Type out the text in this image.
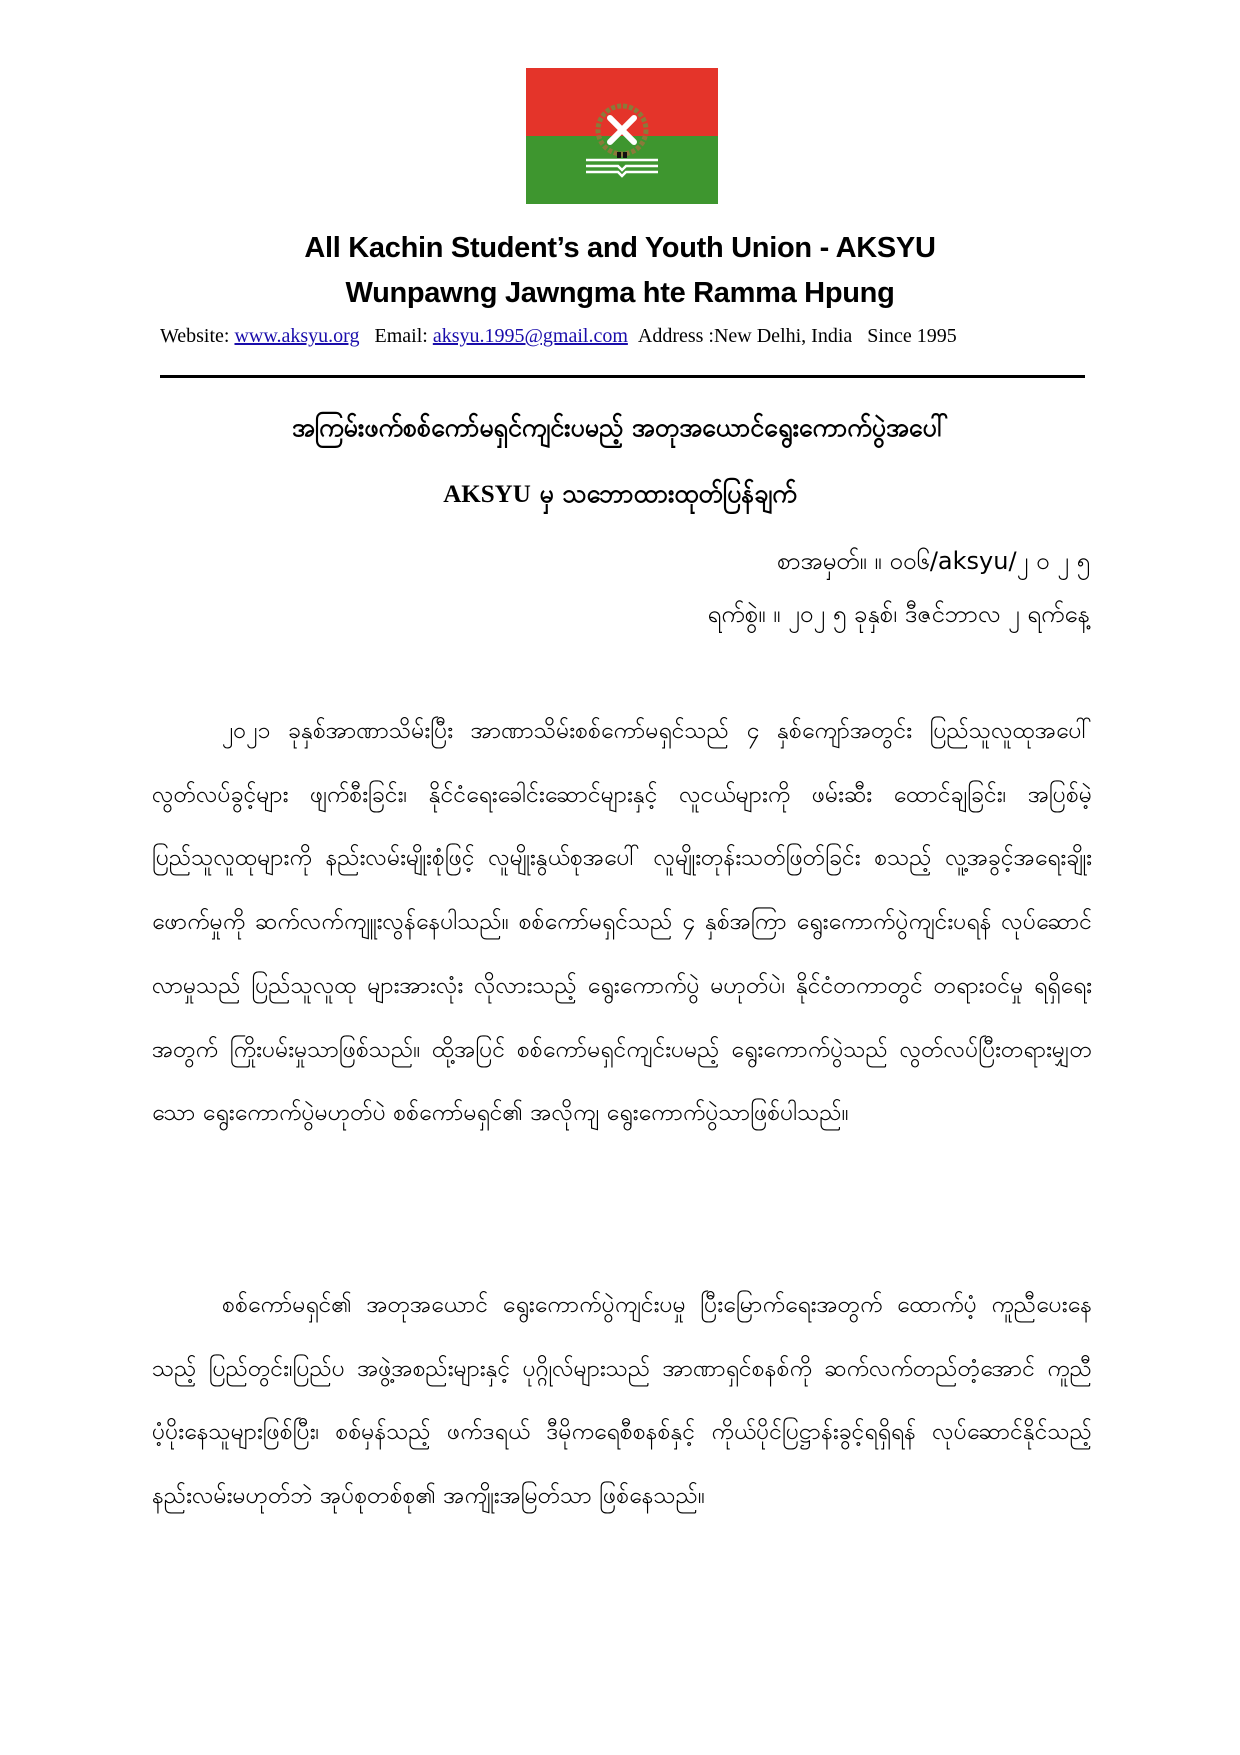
All Kachin Student’s and Youth Union - AKSYU
Wunpawng Jawngma hte Ramma Hpung
Website: www.aksyu.org Email: aksyu.1995@gmail.com Address :New Delhi, India Since 1995
အကြမ်းဖက်စစ်ကော်မရှင်ကျင်းပမည့် အတုအယောင်ရွေးကောက်ပွဲအပေါ်
AKSYU မှ သဘောထားထုတ်ပြန်ချက်
စာအမှတ်။ ။ ၀၀၆/aksyu/၂ ၀ ၂ ၅
ရက်စွဲ။ ။ ၂၀၂ ၅ ခုနှစ်၊ ဒီဇင်ဘာလ ၂ ရက်နေ့

၂၀၂၁ ခုနှစ်အာဏာသိမ်းပြီး အာဏာသိမ်းစစ်ကော်မရှင်သည် ၄ နှစ်ကျော်အတွင်း ပြည်သူလူထုအပေါ် လွတ်လပ်ခွင့်များ ဖျက်စီးခြင်း၊ နိုင်ငံရေးခေါင်းဆောင်များနှင့် လူငယ်များကို ဖမ်းဆီး ထောင်ချခြင်း၊ အပြစ်မဲ့ ပြည်သူလူထုများကို နည်းလမ်းမျိုးစုံဖြင့် လူမျိုးနွယ်စုအပေါ် လူမျိုးတုန်းသတ်ဖြတ်ခြင်း စသည့် လူ့အခွင့်အရေးချိုးဖောက်မှုကို ဆက်လက်ကျူးလွန်နေပါသည်။ စစ်ကော်မရှင်သည် ၄ နှစ်အကြာ ရွေးကောက်ပွဲကျင်းပရန် လုပ်ဆောင်လာမှုသည် ပြည်သူလူထု များအားလုံး လိုလားသည့် ရွေးကောက်ပွဲ မဟုတ်ပဲ၊ နိုင်ငံတကာတွင် တရားဝင်မှု ရရှိရေးအတွက် ကြိုးပမ်းမှုသာဖြစ်သည်။ ထို့အပြင် စစ်ကော်မရှင်ကျင်းပမည့် ရွေးကောက်ပွဲသည် လွတ်လပ်ပြီးတရားမျှတသော ရွေးကောက်ပွဲမဟုတ်ပဲ စစ်ကော်မရှင်၏ အလိုကျ ရွေးကောက်ပွဲသာဖြစ်ပါသည်။

စစ်ကော်မရှင်၏ အတုအယောင် ရွေးကောက်ပွဲကျင်းပမှု ပြီးမြောက်ရေးအတွက် ထောက်ပံ့ ကူညီပေးနေသည့် ပြည်တွင်း၊ပြည်ပ အဖွဲ့အစည်းများနှင့် ပုဂ္ဂိုလ်များသည် အာဏာရှင်စနစ်ကို ဆက်လက်တည်တံ့အောင် ကူညီပံ့ပိုးနေသူများဖြစ်ပြီး၊ စစ်မှန်သည့် ဖက်ဒရယ် ဒီမိုကရေစီစနစ်နှင့် ကိုယ်ပိုင်ပြဋ္ဌာန်းခွင့်ရရှိရန် လုပ်ဆောင်နိုင်သည့် နည်းလမ်းမဟုတ်ဘဲ အုပ်စုတစ်စု၏ အကျိုးအမြတ်သာ ဖြစ်နေသည်။
